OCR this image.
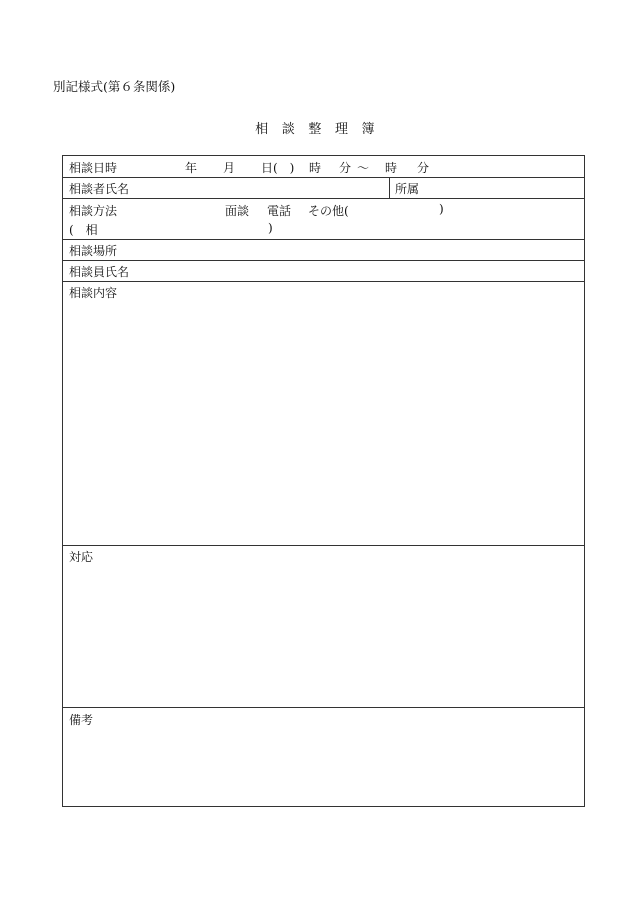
別記様式(第６条関係)
相　談　整　理　簿
相談日時	年 月 日(　) 時 分 ～ 時 分
相談者氏名	所属
相談方法	面談 電話 その他(	)
(　相	)
相談場所
相談員氏名
相談内容
対応
備考
